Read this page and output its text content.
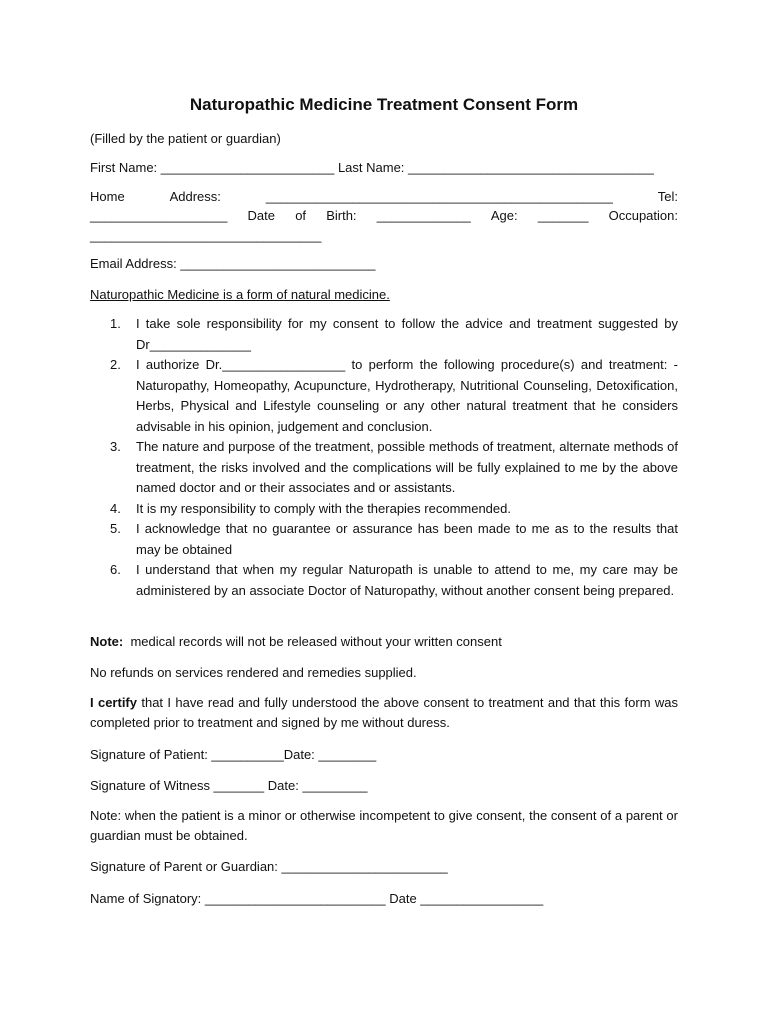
Naturopathic Medicine Treatment Consent Form

(Filled by the patient or guardian)

First Name: ________________________ Last Name: __________________________________

Home	Address:	________________________________________________	Tel:
___________________ Date of Birth: _____________ Age: _______ Occupation:

________________________________

Email Address: ___________________________

Naturopathic Medicine is a form of natural medicine.

1. I take sole responsibility for my consent to follow the advice and treatment suggested by Dr______________
2. I authorize Dr._________________ to perform the following procedure(s) and treatment: -Naturopathy, Homeopathy, Acupuncture, Hydrotherapy, Nutritional Counseling, Detoxification, Herbs, Physical and Lifestyle counseling or any other natural treatment that he considers advisable in his opinion, judgement and conclusion.
3. The nature and purpose of the treatment, possible methods of treatment, alternate methods of treatment, the risks involved and the complications will be fully explained to me by the above named doctor and or their associates and or assistants.
4. It is my responsibility to comply with the therapies recommended.
5. I acknowledge that no guarantee or assurance has been made to me as to the results that may be obtained
6. I understand that when my regular Naturopath is unable to attend to me, my care may be administered by an associate Doctor of Naturopathy, without another consent being prepared.

Note:  medical records will not be released without your written consent

No refunds on services rendered and remedies supplied.

I certify that I have read and fully understood the above consent to treatment and that this form was completed prior to treatment and signed by me without duress.

Signature of Patient: __________Date: ________

Signature of Witness _______ Date: _________

Note: when the patient is a minor or otherwise incompetent to give consent, the consent of a parent or guardian must be obtained.

Signature of Parent or Guardian: _______________________

Name of Signatory: _________________________ Date _________________
